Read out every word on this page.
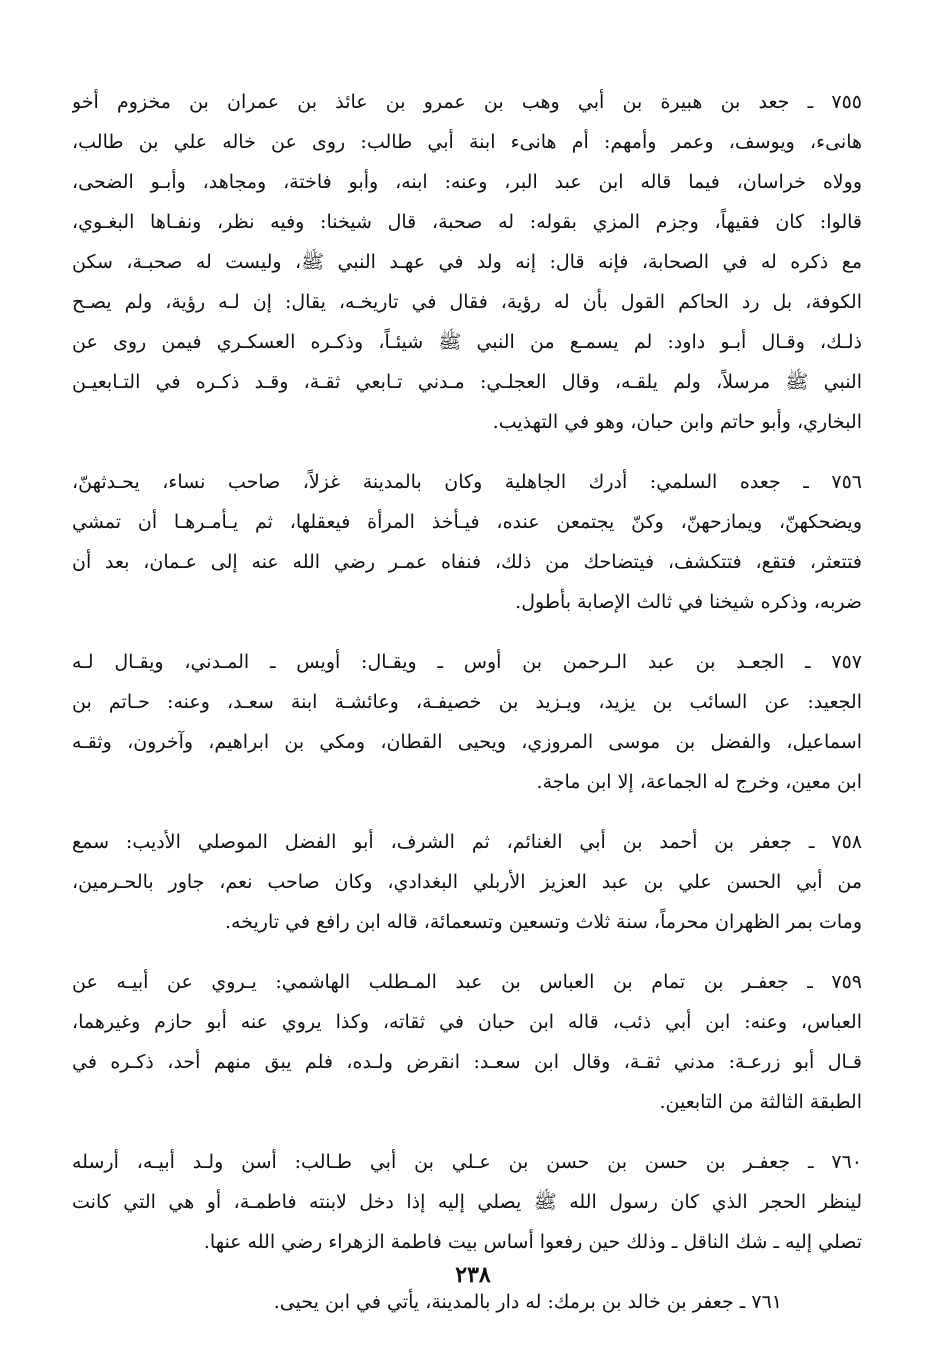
٧٥٥ ـ جعد بن هبيرة بن أبي وهب بن عمرو بن عائذ بن عمران بن مخزوم أخو
هانىء، ويوسف، وعمر وأمهم: أم هانىء ابنة أبي طالب: روى عن خاله علي بن طالب،
وولاه خراسان، فيما قاله ابن عبد البر، وعنه: ابنه، وأبو فاختة، ومجاهد، وأبـو الضحى،
قالوا: كان فقيهاً، وجزم المزي بقوله: له صحبة، قال شيخنا: وفيه نظر، ونفـاها البغـوي،
مع ذكره له في الصحابة، فإنه قال: إنه ولد في عهـد النبي ﷺ، وليست له صحبـة، سكن
الكوفة، بل رد الحاكم القول بأن له رؤية، فقال في تاريخـه، يقال: إن لـه رؤية، ولم يصـح
ذلـك، وقـال أبـو داود: لم يسمـع من النبي ﷺ شيئـاً، وذكـره العسكـري فيمن روى عن
النبي ﷺ مرسلاً، ولم يلقـه، وقال العجلـي: مـدني تـابعي ثقـة، وقـد ذكـره في التـابعيـن
البخاري، وأبو حاتم وابن حبان، وهو في التهذيب.
٧٥٦ ـ جعده السلمي: أدرك الجاهلية وكان بالمدينة غزلاً، صاحب نساء، يحـدثهنّ،
ويضحكهنّ، ويمازحهنّ، وكنّ يجتمعن عنده، فيـأخذ المرأة فيعقلها، ثم يـأمـرهـا أن تمشي
فتتعثر، فتقع، فتتكشف، فيتضاحك من ذلك، فنفاه عمـر رضي الله عنه إلى عـمان، بعد أن
ضربه، وذكره شيخنا في ثالث الإصابة بأطول.
٧٥٧ ـ الجعـد بن عبد الـرحمن بن أوس ـ ويقـال: أويس ـ المـدني، ويقـال لـه
الجعيد: عن السائب بن يزيد، ويـزيد بن خصيفـة، وعائشـة ابنة سعـد، وعنه: حـاتم بن
اسماعيل، والفضل بن موسى المروزي، ويحيى القطان، ومكي بن ابراهيم، وآخرون، وثقـه
ابن معين، وخرج له الجماعة، إلا ابن ماجة.
٧٥٨ ـ جعفر بن أحمد بن أبي الغنائم، ثم الشرف، أبو الفضل الموصلي الأديب: سمع
من أبي الحسن علي بن عبد العزيز الأربلي البغدادي، وكان صاحب نعم، جاور بالحـرمين،
ومات بمر الظهران محرماً، سنة ثلاث وتسعين وتسعمائة، قاله ابن رافع في تاريخه.
٧٥٩ ـ جعفـر بن تمام بن العباس بن عبد المـطلب الهاشمي: يـروي عن أبيـه عن
العباس، وعنه: ابن أبي ذئب، قاله ابن حبان في ثقاته، وكذا يروي عنه أبو حازم وغيرهما،
قـال أبو زرعـة: مدني ثقـة، وقال ابن سعـد: انقرض ولـده، فلم يبق منهم أحد، ذكـره في
الطبقة الثالثة من التابعين.
٧٦٠ ـ جعفـر بن حسن بن حسن بن عـلي بن أبي طـالب: أسن ولـد أبيـه، أرسله
لينظر الحجر الذي كان رسول الله ﷺ يصلي إليه إذا دخل لابنته فاطمـة، أو هي التي كانت
تصلي إليه ـ شك الناقل ـ وذلك حين رفعوا أساس بيت فاطمة الزهراء رضي الله عنها.
٧٦١ ـ جعفر بن خالد بن برمك: له دار بالمدينة، يأتي في ابن يحيى.
٢٣٨
